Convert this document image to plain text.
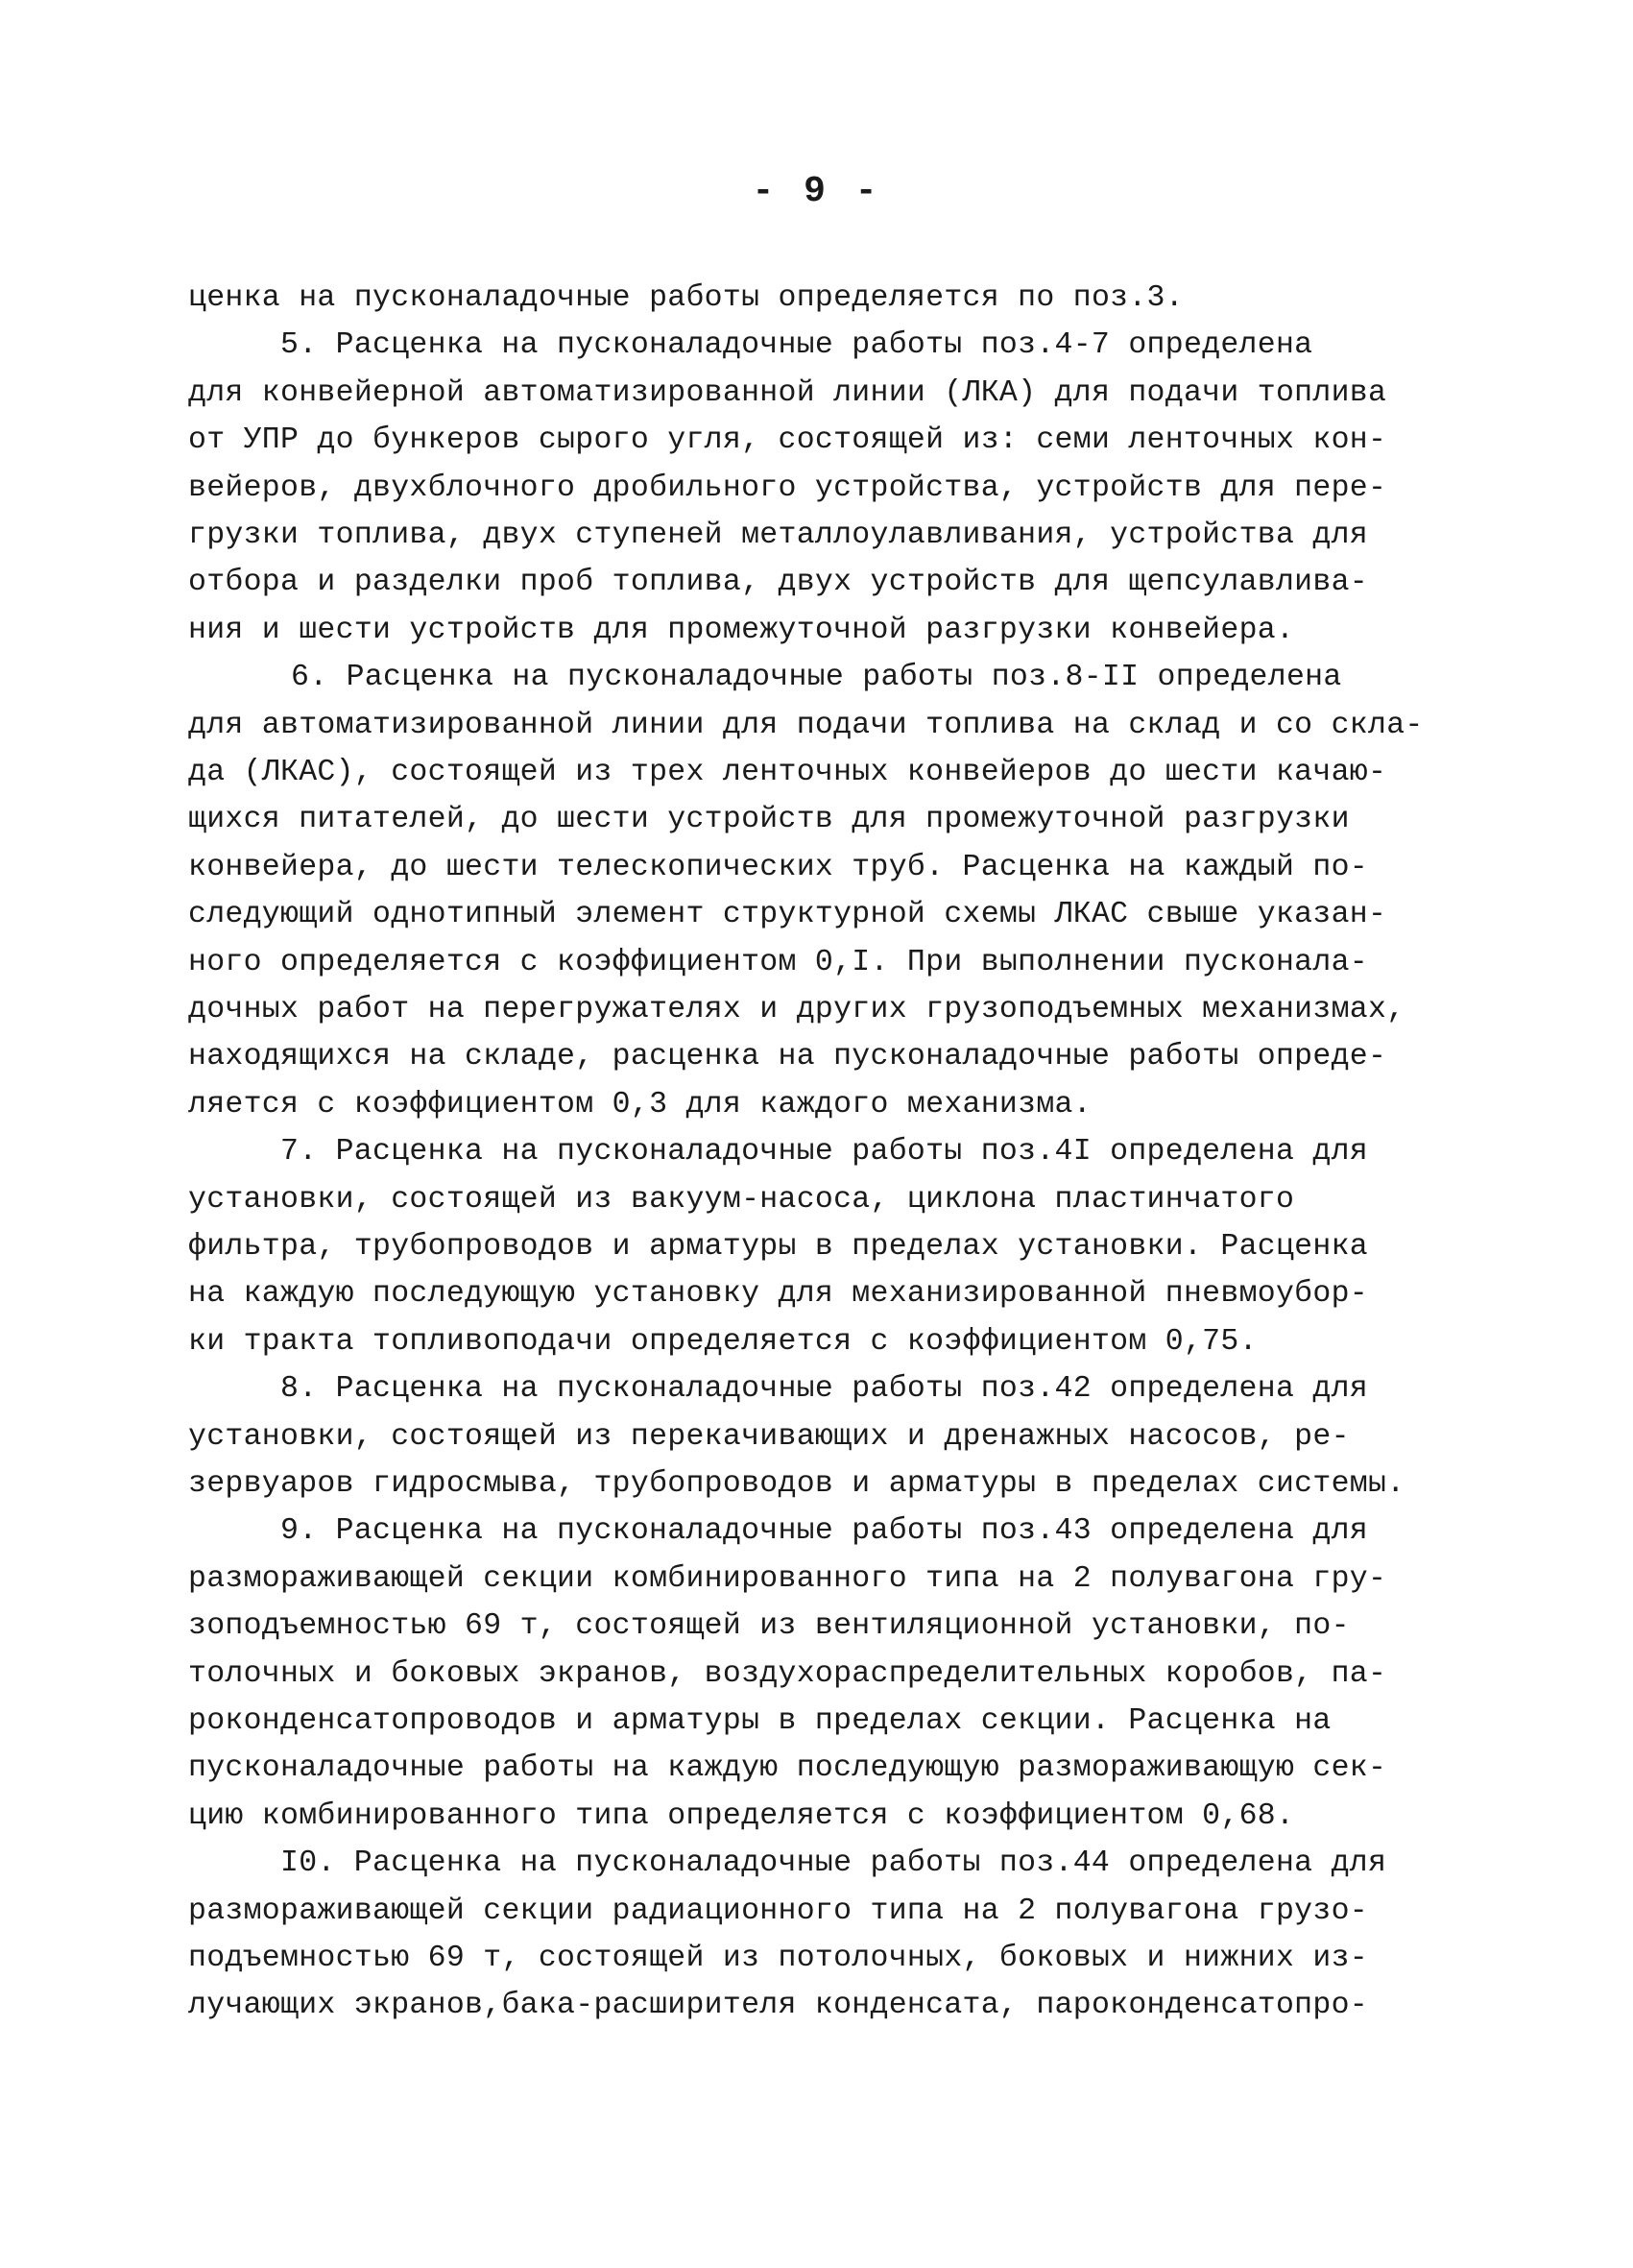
- 9 -
ценка на пусконаладочные работы определяется по поз.3.
5. Расценка на пусконаладочные работы поз.4-7 определена
для конвейерной автоматизированной линии (ЛКА) для подачи топлива
от УПР до бункеров сырого угля, состоящей из: семи ленточных кон-
вейеров, двухблочного дробильного устройства, устройств для пере-
грузки топлива, двух ступеней металлоулавливания, устройства для
отбора и разделки проб топлива, двух устройств для щепсулавлива-
ния и шести устройств для промежуточной разгрузки конвейера.
6. Расценка на пусконаладочные работы поз.8-II определена
для автоматизированной линии для подачи топлива на склад и со скла-
да (ЛКАС), состоящей из трех ленточных конвейеров до шести качаю-
щихся питателей, до шести устройств для промежуточной разгрузки
конвейера, до шести телескопических труб. Расценка на каждый по-
следующий однотипный элемент структурной схемы ЛКАС свыше указан-
ного определяется с коэффициентом 0,I. При выполнении пусконала-
дочных работ на перегружателях и других грузоподъемных механизмах,
находящихся на складе, расценка на пусконаладочные работы опреде-
ляется с коэффициентом 0,3 для каждого механизма.
7. Расценка на пусконаладочные работы поз.4I определена для
установки, состоящей из вакуум-насоса, циклона пластинчатого
фильтра, трубопроводов и арматуры в пределах установки. Расценка
на каждую последующую установку для механизированной пневмоубор-
ки тракта топливоподачи определяется с коэффициентом 0,75.
8. Расценка на пусконаладочные работы поз.42 определена для
установки, состоящей из перекачивающих и дренажных насосов, ре-
зервуаров гидросмыва, трубопроводов и арматуры в пределах системы.
9. Расценка на пусконаладочные работы поз.43 определена для
размораживающей секции комбинированного типа на 2 полувагона гру-
зоподъемностью 69 т, состоящей из вентиляционной установки, по-
толочных и боковых экранов, воздухораспределительных коробов, па-
роконденсатопроводов и арматуры в пределах секции. Расценка на
пусконаладочные работы на каждую последующую размораживающую сек-
цию комбинированного типа определяется с коэффициентом 0,68.
I0. Расценка на пусконаладочные работы поз.44 определена для
размораживающей секции радиационного типа на 2 полувагона грузо-
подъемностью 69 т, состоящей из потолочных, боковых и нижних из-
лучающих экранов,бака-расширителя конденсата, пароконденсатопро-
